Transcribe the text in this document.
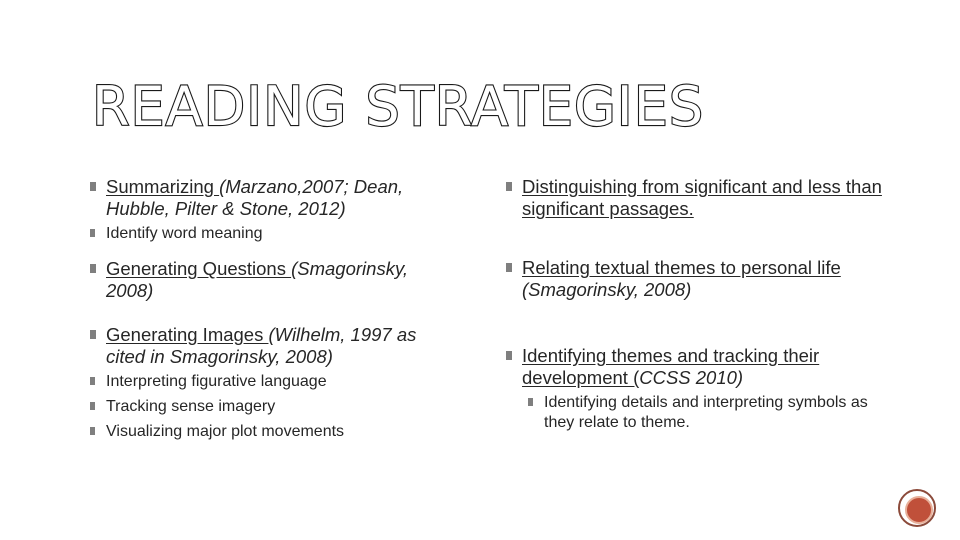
READING STRATEGIES
Summarizing (Marzano,2007; Dean, Hubble, Pilter & Stone, 2012)
Identify word meaning
Generating Questions (Smagorinsky, 2008)
Generating Images (Wilhelm, 1997 as cited in Smagorinsky, 2008)
Interpreting figurative language
Tracking sense imagery
Visualizing major plot movements
Distinguishing from significant and less than significant passages.
Relating textual themes to personal life (Smagorinsky, 2008)
Identifying themes and tracking their development (CCSS 2010)
Identifying details and interpreting symbols as they relate to theme.
